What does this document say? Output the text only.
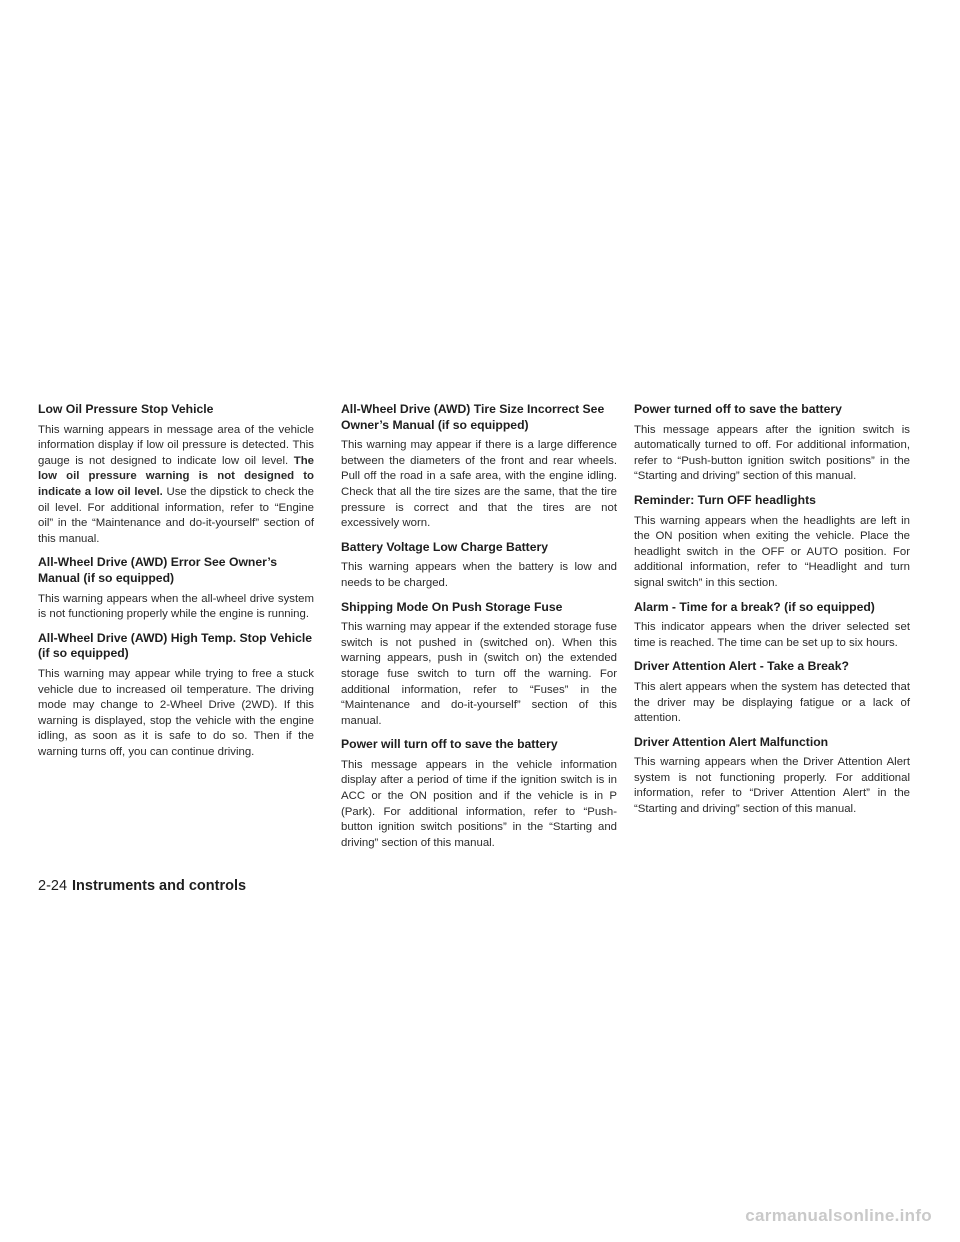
Low Oil Pressure Stop Vehicle

This warning appears in message area of the vehicle information display if low oil pressure is detected. This gauge is not designed to indicate low oil level. The low oil pressure warning is not designed to indicate a low oil level. Use the dipstick to check the oil level. For additional information, refer to “Engine oil” in the “Maintenance and do-it-yourself” section of this manual.

All-Wheel Drive (AWD) Error See Owner’s Manual (if so equipped)

This warning appears when the all-wheel drive system is not functioning properly while the engine is running.

All-Wheel Drive (AWD) High Temp. Stop Vehicle (if so equipped)

This warning may appear while trying to free a stuck vehicle due to increased oil temperature. The driving mode may change to 2-Wheel Drive (2WD). If this warning is displayed, stop the vehicle with the engine idling, as soon as it is safe to do so. Then if the warning turns off, you can continue driving.

All-Wheel Drive (AWD) Tire Size Incorrect See Owner’s Manual (if so equipped)

This warning may appear if there is a large difference between the diameters of the front and rear wheels. Pull off the road in a safe area, with the engine idling. Check that all the tire sizes are the same, that the tire pressure is correct and that the tires are not excessively worn.

Battery Voltage Low Charge Battery

This warning appears when the battery is low and needs to be charged.

Shipping Mode On Push Storage Fuse

This warning may appear if the extended storage fuse switch is not pushed in (switched on). When this warning appears, push in (switch on) the extended storage fuse switch to turn off the warning. For additional information, refer to “Fuses” in the “Maintenance and do-it-yourself” section of this manual.

Power will turn off to save the battery

This message appears in the vehicle information display after a period of time if the ignition switch is in ACC or the ON position and if the vehicle is in P (Park). For additional information, refer to “Push-button ignition switch positions” in the “Starting and driving” section of this manual.

Power turned off to save the battery

This message appears after the ignition switch is automatically turned to off. For additional information, refer to “Push-button ignition switch positions” in the “Starting and driving” section of this manual.

Reminder: Turn OFF headlights

This warning appears when the headlights are left in the ON position when exiting the vehicle. Place the headlight switch in the OFF or AUTO position. For additional information, refer to “Headlight and turn signal switch” in this section.

Alarm - Time for a break? (if so equipped)

This indicator appears when the driver selected set time is reached. The time can be set up to six hours.

Driver Attention Alert - Take a Break?

This alert appears when the system has detected that the driver may be displaying fatigue or a lack of attention.

Driver Attention Alert Malfunction

This warning appears when the Driver Attention Alert system is not functioning properly. For additional information, refer to “Driver Attention Alert” in the “Starting and driving” section of this manual.

2-24 Instruments and controls
carmanualsonline.info
